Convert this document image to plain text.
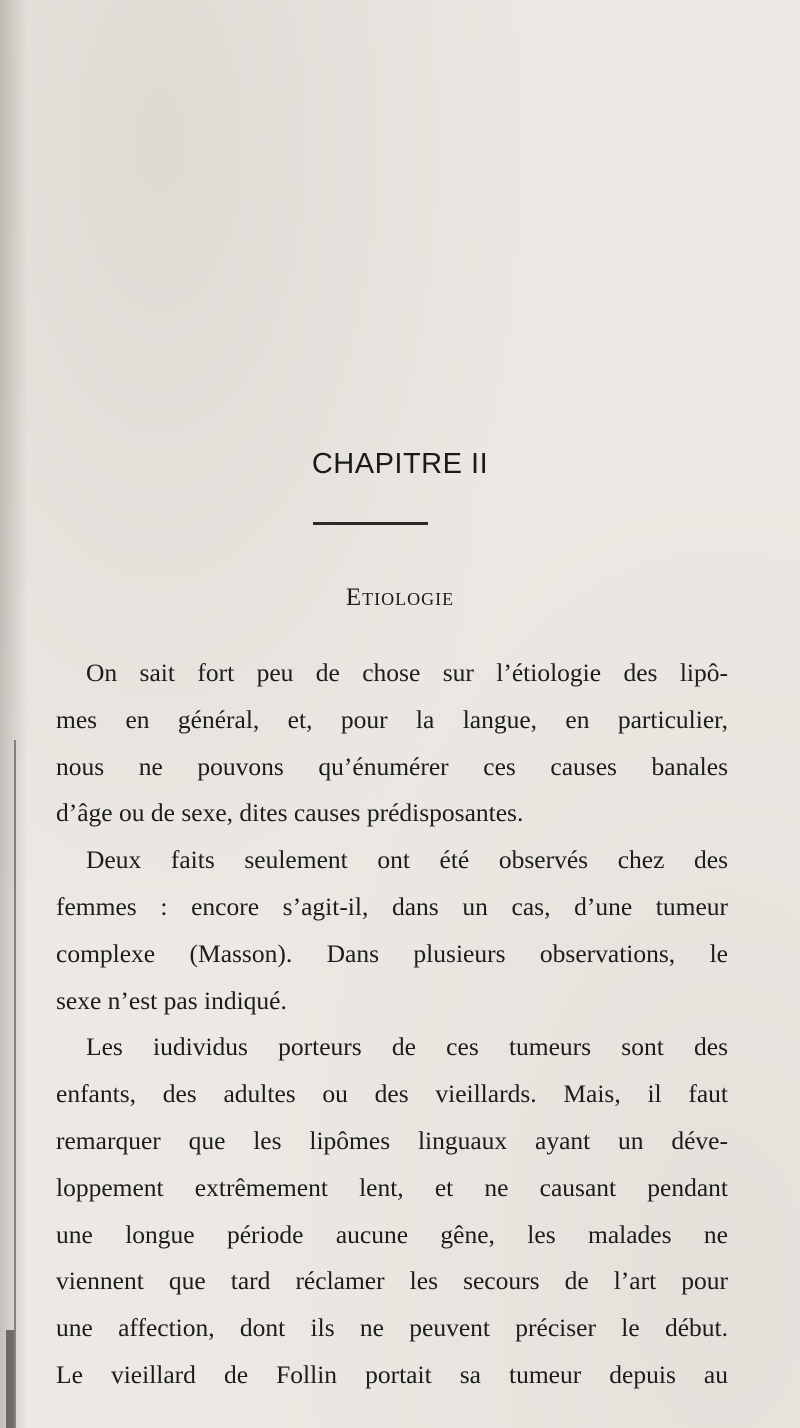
CHAPITRE II
Etiologie

On sait fort peu de chose sur l’étiologie des lipô-
mes en général, et, pour la langue, en particulier,
nous ne pouvons qu’énumérer ces causes banales
d’âge ou de sexe, dites causes prédisposantes.

Deux faits seulement ont été observés chez des
femmes : encore s’agit-il, dans un cas, d’une tumeur
complexe (Masson). Dans plusieurs observations, le
sexe n’est pas indiqué.

Les iudividus porteurs de ces tumeurs sont des
enfants, des adultes ou des vieillards. Mais, il faut
remarquer que les lipômes linguaux ayant un déve-
loppement extrêmement lent, et ne causant pendant
une longue période aucune gêne, les malades ne
viennent que tard réclamer les secours de l’art pour
une affection, dont ils ne peuvent préciser le début.
Le vieillard de Follin portait sa tumeur depuis au
